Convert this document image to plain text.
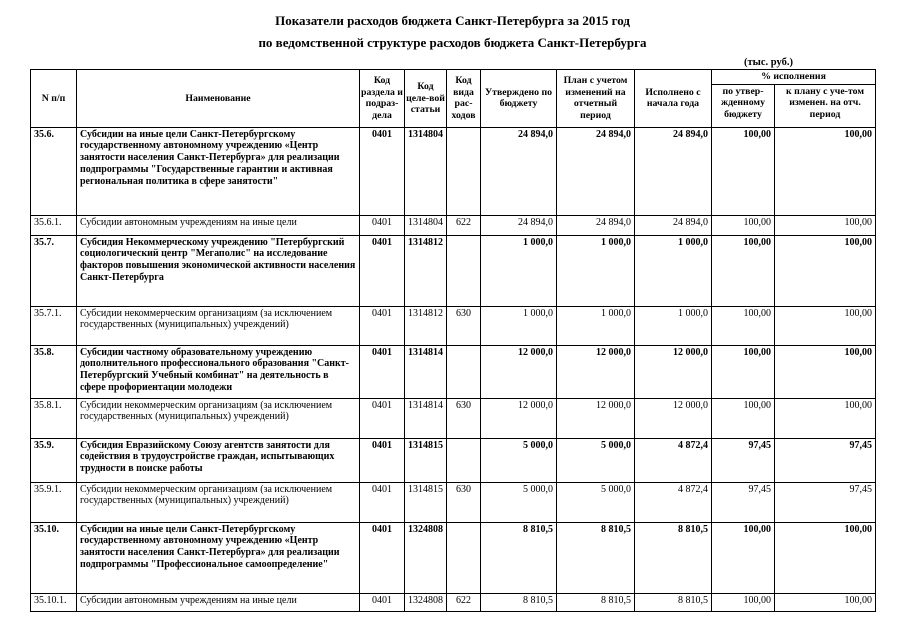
Показатели расходов бюджета Санкт-Петербурга за 2015 год
по ведомственной структуре расходов бюджета Санкт-Петербурга
(тыс. руб.)
N п/п	Наименование	Код раздела и подраз-дела	Код целе-вой статьи	Код вида рас-ходов	Утверждено по бюджету	План с учетом изменений на отчетный период	Исполнено с начала года	% исполнения	
								по утвер-жденному бюджету	к плану с уче-том изменен. на отч. период
35.6.	Субсидии на иные цели Санкт-Петербургскому государственному автономному учреждению «Центр занятости населения Санкт-Петербурга» для реализации подпрограммы "Государственные гарантии и активная региональная политика в сфере занятости"	0401	1314804		24 894,0	24 894,0	24 894,0	100,00	100,00
35.6.1.	Субсидии автономным учреждениям на иные цели	0401	1314804	622	24 894,0	24 894,0	24 894,0	100,00	100,00
35.7.	Субсидия Некоммерческому учреждению "Петербургский социологический центр "Мегаполис" на исследование факторов повышения экономической активности населения Санкт-Петербурга	0401	1314812		1 000,0	1 000,0	1 000,0	100,00	100,00
35.7.1.	Субсидии некоммерческим организациям (за исключением государственных (муниципальных) учреждений)	0401	1314812	630	1 000,0	1 000,0	1 000,0	100,00	100,00
35.8.	Субсидии частному образовательному учреждению дополнительного профессионального образования "Санкт-Петербургский Учебный комбинат" на деятельность в сфере профориентации молодежи	0401	1314814		12 000,0	12 000,0	12 000,0	100,00	100,00
35.8.1.	Субсидии некоммерческим организациям (за исключением государственных (муниципальных) учреждений)	0401	1314814	630	12 000,0	12 000,0	12 000,0	100,00	100,00
35.9.	Субсидия Евразийскому Союзу агентств занятости для содействия в трудоустройстве граждан, испытывающих трудности в поиске работы	0401	1314815		5 000,0	5 000,0	4 872,4	97,45	97,45
35.9.1.	Субсидии некоммерческим организациям (за исключением государственных (муниципальных) учреждений)	0401	1314815	630	5 000,0	5 000,0	4 872,4	97,45	97,45
35.10.	Субсидии на иные цели Санкт-Петербургскому государственному автономному учреждению «Центр занятости населения Санкт-Петербурга» для реализации подпрограммы "Профессиональное самоопределение"	0401	1324808		8 810,5	8 810,5	8 810,5	100,00	100,00
35.10.1.	Субсидии автономным учреждениям на иные цели	0401	1324808	622	8 810,5	8 810,5	8 810,5	100,00	100,00
